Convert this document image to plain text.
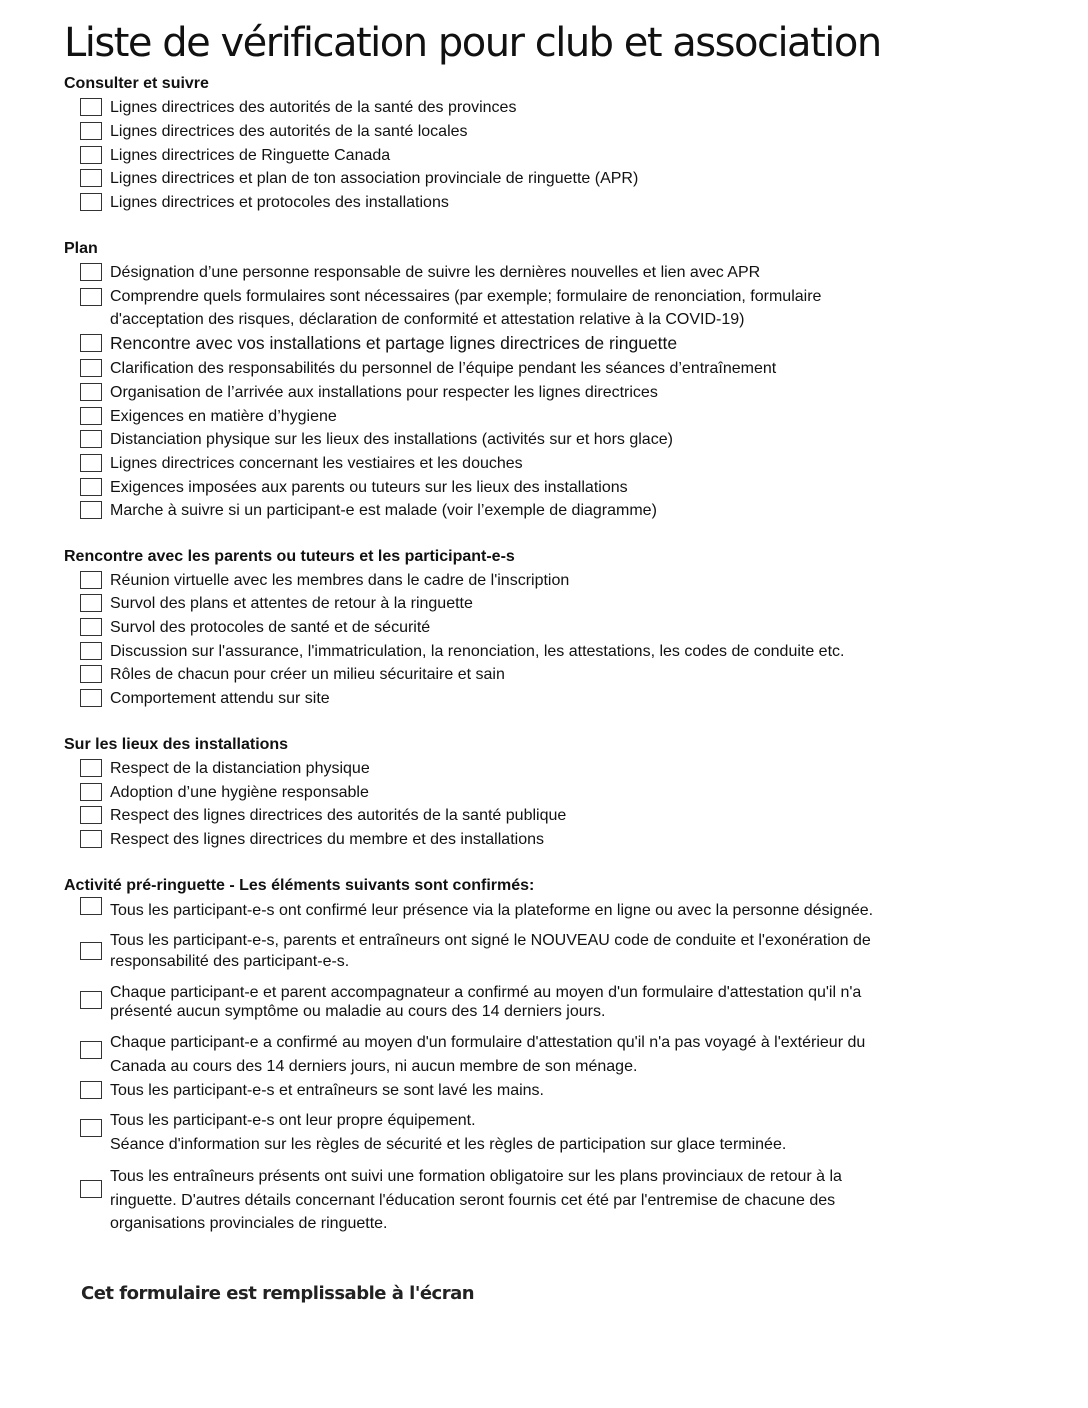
Liste de vérification pour club et association
Consulter et suivre
Lignes directrices des autorités de la santé des provinces
Lignes directrices des autorités de la santé locales
Lignes directrices de Ringuette Canada
Lignes directrices et plan de ton association provinciale de ringuette (APR)
Lignes directrices et protocoles des installations
Plan
Désignation d’une personne responsable de suivre les dernières nouvelles et lien avec APR
Comprendre quels formulaires sont nécessaires (par exemple; formulaire de renonciation, formulaire
d'acceptation des risques, déclaration de conformité et attestation relative à la COVID-19)
Rencontre avec vos installations et partage lignes directrices de ringuette
Clarification des responsabilités du personnel de l’équipe pendant les séances d’entraînement
Organisation de l’arrivée aux installations pour respecter les lignes directrices
Exigences en matière d’hygiene
Distanciation physique sur les lieux des installations (activités sur et hors glace)
Lignes directrices concernant les vestiaires et les douches
Exigences imposées aux parents ou tuteurs sur les lieux des installations
Marche à suivre si un participant-e est malade (voir l’exemple de diagramme)
Rencontre avec les parents ou tuteurs et les participant-e-s
Réunion virtuelle avec les membres dans le cadre de l'inscription
Survol des plans et attentes de retour à la ringuette
Survol des protocoles de santé et de sécurité
Discussion sur l'assurance, l'immatriculation, la renonciation, les attestations, les codes de conduite etc.
Rôles de chacun pour créer un milieu sécuritaire et sain
Comportement attendu sur site
Sur les lieux des installations
Respect de la distanciation physique
Adoption d’une hygiène responsable
Respect des lignes directrices des autorités de la santé publique
Respect des lignes directrices du membre et des installations
Activité pré-ringuette - Les éléments suivants sont confirmés:
Tous les participant-e-s ont confirmé leur présence via la plateforme en ligne ou avec la personne désignée.
Tous les participant-e-s, parents et entraîneurs ont signé le NOUVEAU code de conduite et l'exonération de
responsabilité des participant-e-s.
Chaque participant-e et parent accompagnateur a confirmé au moyen d'un formulaire d'attestation qu'il n'a
présenté aucun symptôme ou maladie au cours des 14 derniers jours.
Chaque participant-e a confirmé au moyen d'un formulaire d'attestation qu'il n'a pas voyagé à l'extérieur du
Canada au cours des 14 derniers jours, ni aucun membre de son ménage.
Tous les participant-e-s et entraîneurs se sont lavé les mains.
Tous les participant-e-s ont leur propre équipement.
Séance d'information sur les règles de sécurité et les règles de participation sur glace terminée.
Tous les entraîneurs présents ont suivi une formation obligatoire sur les plans provinciaux de retour à la
ringuette. D'autres détails concernant l'éducation seront fournis cet été par l'entremise de chacune des
organisations provinciales de ringuette.
Cet formulaire est remplissable à l'écran
